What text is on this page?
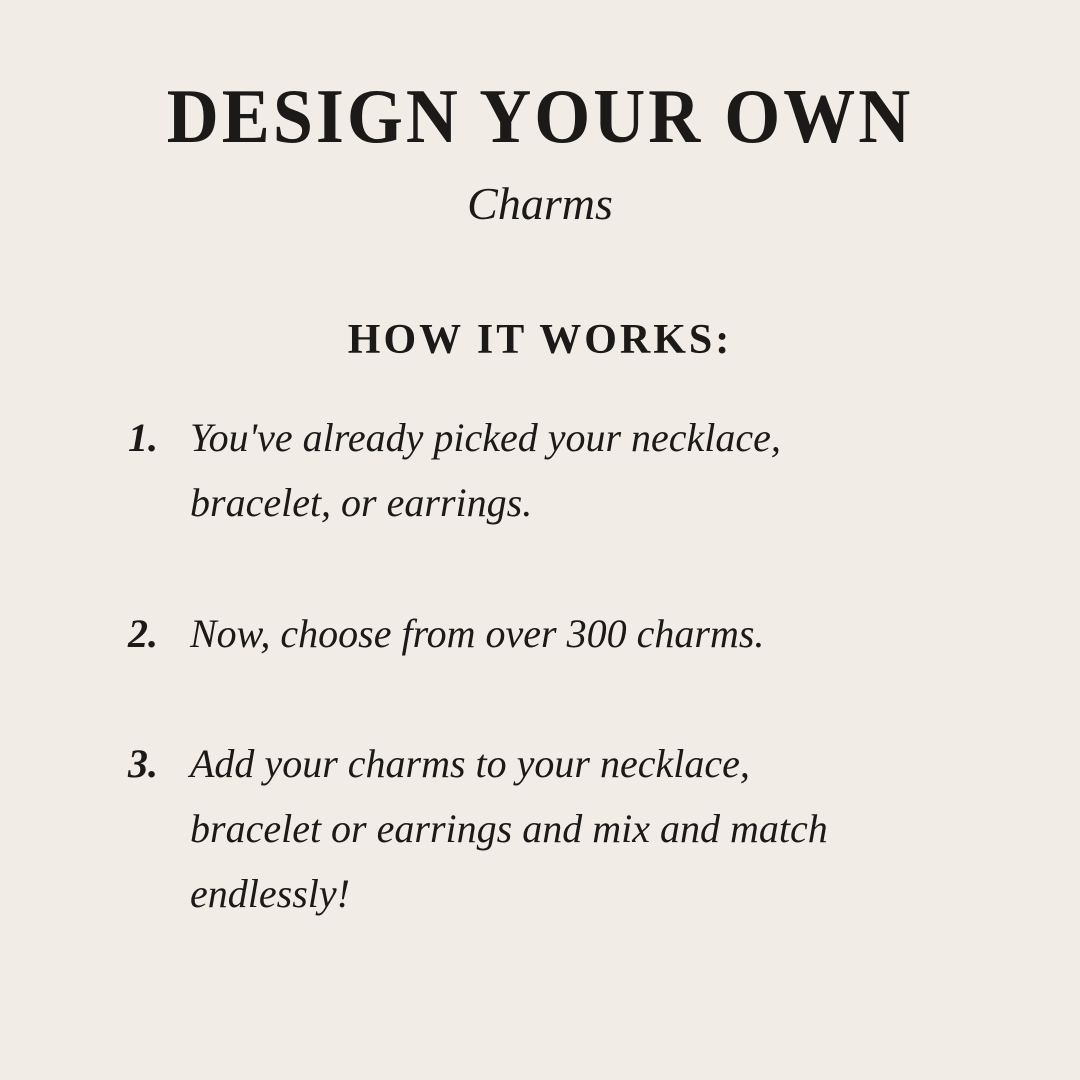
DESIGN YOUR OWN
Charms
HOW IT WORKS:
1. You've already picked your necklace,
bracelet, or earrings.
2. Now, choose from over 300 charms.
3. Add your charms to your necklace,
bracelet or earrings and mix and match
endlessly!
